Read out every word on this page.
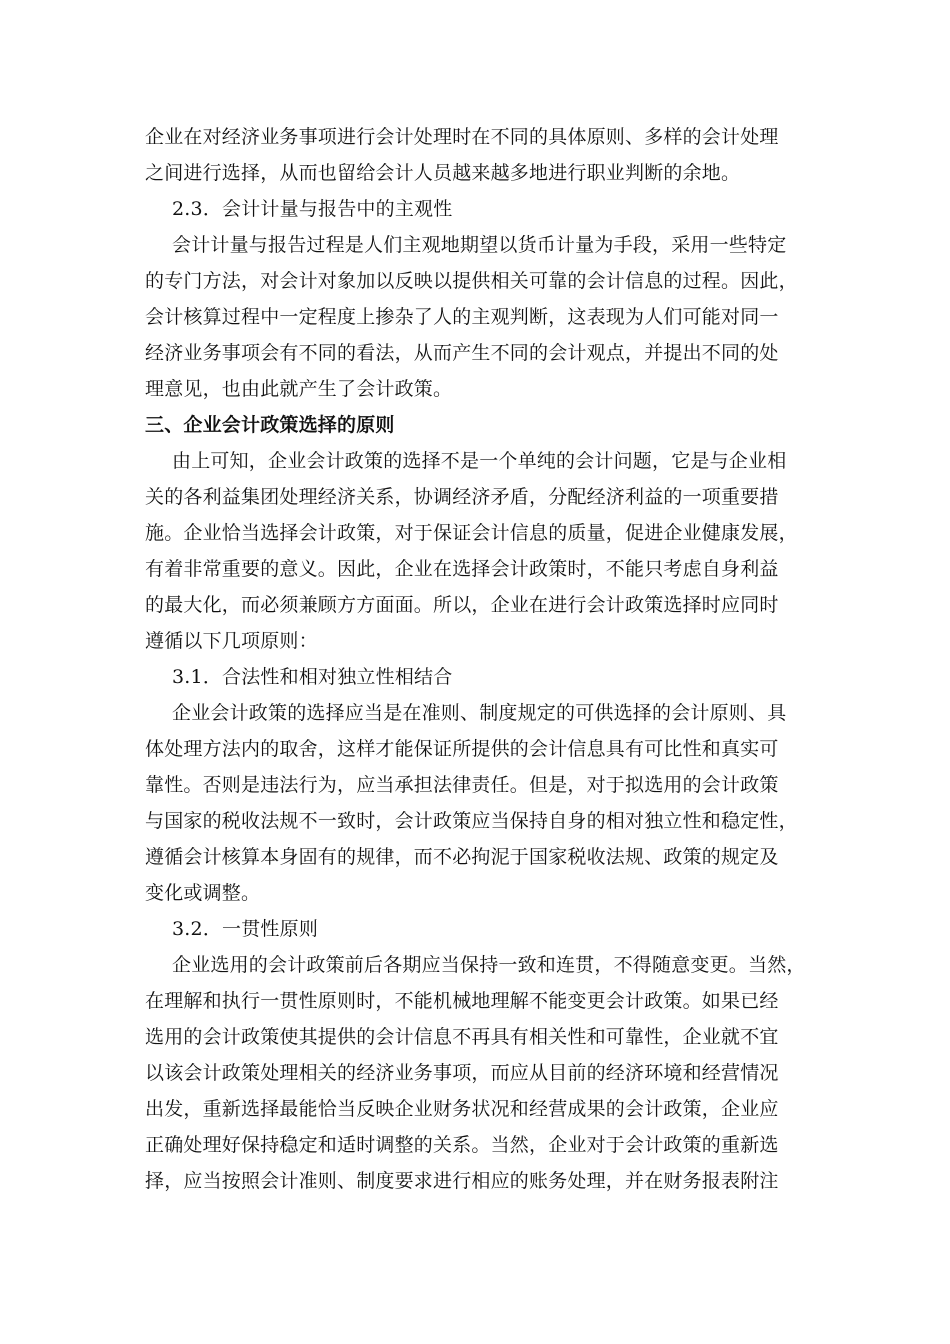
企业在对经济业务事项进行会计处理时在不同的具体原则、多样的会计处理
之间进行选择，从而也留给会计人员越来越多地进行职业判断的余地。
2.3．会计计量与报告中的主观性
会计计量与报告过程是人们主观地期望以货币计量为手段，采用一些特定
的专门方法，对会计对象加以反映以提供相关可靠的会计信息的过程。因此，
会计核算过程中一定程度上掺杂了人的主观判断，这表现为人们可能对同一
经济业务事项会有不同的看法，从而产生不同的会计观点，并提出不同的处
理意见，也由此就产生了会计政策。
三、企业会计政策选择的原则
由上可知，企业会计政策的选择不是一个单纯的会计问题，它是与企业相
关的各利益集团处理经济关系，协调经济矛盾，分配经济利益的一项重要措
施。企业恰当选择会计政策，对于保证会计信息的质量，促进企业健康发展，
有着非常重要的意义。因此，企业在选择会计政策时，不能只考虑自身利益
的最大化，而必须兼顾方方面面。所以，企业在进行会计政策选择时应同时
遵循以下几项原则：
3.1．合法性和相对独立性相结合
企业会计政策的选择应当是在准则、制度规定的可供选择的会计原则、具
体处理方法内的取舍，这样才能保证所提供的会计信息具有可比性和真实可
靠性。否则是违法行为，应当承担法律责任。但是，对于拟选用的会计政策
与国家的税收法规不一致时，会计政策应当保持自身的相对独立性和稳定性，
遵循会计核算本身固有的规律，而不必拘泥于国家税收法规、政策的规定及
变化或调整。
3.2．一贯性原则
企业选用的会计政策前后各期应当保持一致和连贯，不得随意变更。当然，
在理解和执行一贯性原则时，不能机械地理解不能变更会计政策。如果已经
选用的会计政策使其提供的会计信息不再具有相关性和可靠性，企业就不宜
以该会计政策处理相关的经济业务事项，而应从目前的经济环境和经营情况
出发，重新选择最能恰当反映企业财务状况和经营成果的会计政策，企业应
正确处理好保持稳定和适时调整的关系。当然，企业对于会计政策的重新选
择，应当按照会计准则、制度要求进行相应的账务处理，并在财务报表附注
